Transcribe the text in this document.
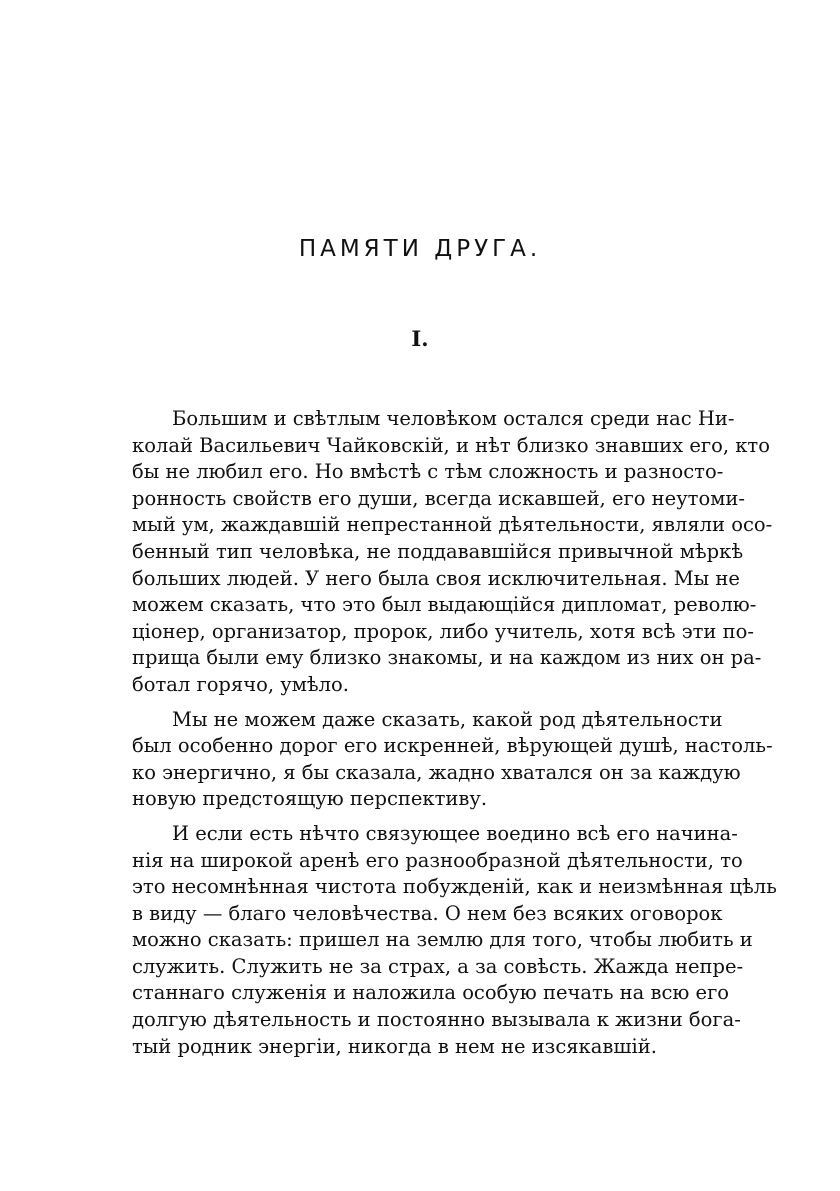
ПАМЯТИ ДРУГА.
I.
Большим и свѣтлым человѣком остался среди нас Ни-
колай Васильевич Чайковскій, и нѣт близко знавших его, кто
бы не любил его. Но вмѣстѣ с тѣм сложность и разносто-
ронность свойств его души, всегда искавшей, его неутоми-
мый ум, жаждавшій непрестанной дѣятельности, являли осо-
бенный тип человѣка, не поддававшійся привычной мѣркѣ
больших людей. У него была своя исключительная. Мы не
можем сказать, что это был выдающійся дипломат, револю-
ціонер, организатор, пророк, либо учитель, хотя всѣ эти по-
прища были ему близко знакомы, и на каждом из них он ра-
ботал горячо, умѣло.
Мы не можем даже сказать, какой род дѣятельности
был особенно дорог его искренней, вѣрующей душѣ, настоль-
ко энергично, я бы сказала, жадно хватался он за каждую
новую предстоящую перспективу.
И если есть нѣчто связующее воедино всѣ его начина-
нія на широкой аренѣ его разнообразной дѣятельности, то
это несомнѣнная чистота побужденій, как и неизмѣнная цѣль
в виду — благо человѣчества. О нем без всяких оговорок
можно сказать: пришел на землю для того, чтобы любить и
служить. Служить не за страх, а за совѣсть. Жажда непре-
станнаго служенія и наложила особую печать на всю его
долгую дѣятельность и постоянно вызывала к жизни бога-
тый родник энергіи, никогда в нем не изсякавшій.
